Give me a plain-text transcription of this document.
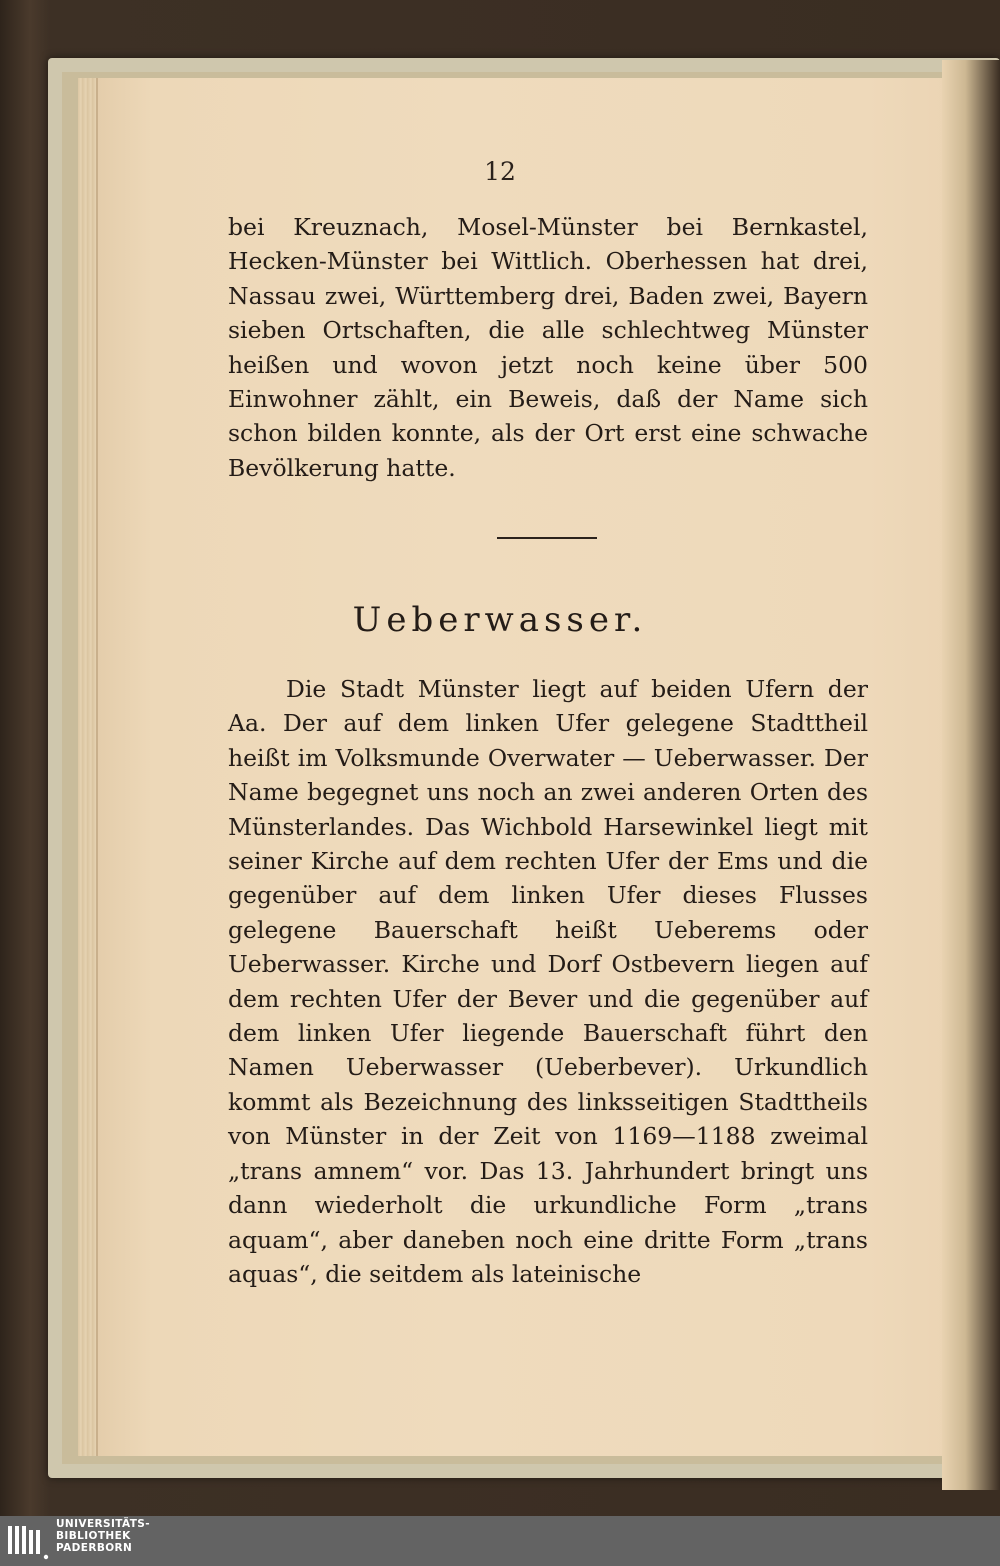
12

bei Kreuznach, Mosel-Münster bei Bernkastel, Hecken-Münster bei Wittlich. Oberhessen hat drei, Nassau zwei, Württemberg drei, Baden zwei, Bayern sieben Ortschaften, die alle schlechtweg Münster heißen und wovon jetzt noch keine über 500 Einwohner zählt, ein Beweis, daß der Name sich schon bilden konnte, als der Ort erst eine schwache Bevölkerung hatte.

Ueberwasser.

Die Stadt Münster liegt auf beiden Ufern der Aa. Der auf dem linken Ufer gelegene Stadttheil heißt im Volksmunde Overwater — Ueberwasser. Der Name begegnet uns noch an zwei anderen Orten des Münsterlandes. Das Wichbold Harsewinkel liegt mit seiner Kirche auf dem rechten Ufer der Ems und die gegenüber auf dem linken Ufer dieses Flusses gelegene Bauerschaft heißt Ueberems oder Ueberwasser. Kirche und Dorf Ostbevern liegen auf dem rechten Ufer der Bever und die gegenüber auf dem linken Ufer liegende Bauerschaft führt den Namen Ueberwasser (Ueberbever). Urkundlich kommt als Bezeichnung des linksseitigen Stadttheils von Münster in der Zeit von 1169—1188 zweimal „trans amnem“ vor. Das 13. Jahrhundert bringt uns dann wiederholt die urkundliche Form „trans aquam“, aber daneben noch eine dritte Form „trans aquas“, die seitdem als lateinische

UNIVERSITÄTS-
BIBLIOTHEK
PADERBORN
